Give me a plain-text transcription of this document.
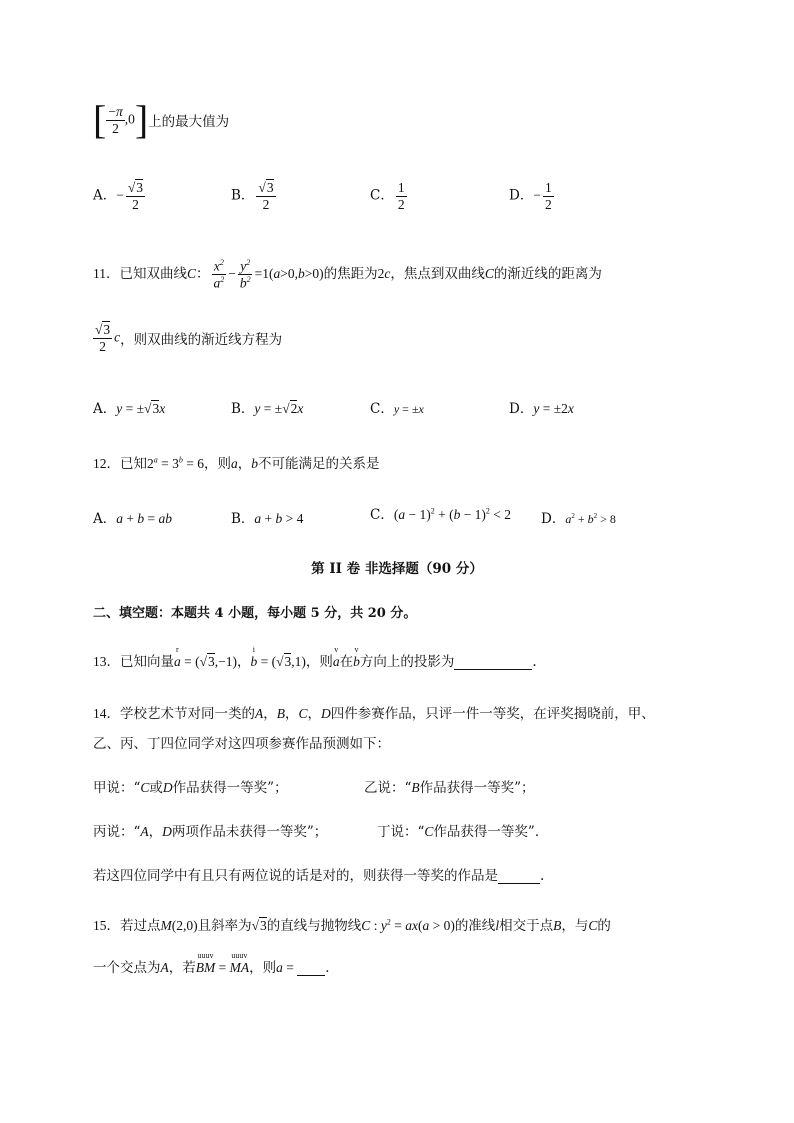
[ $\frac{-\pi}{2} ,0$]上的最大值为
A．− $\frac{√3}{2}$	B． $\frac{√3}{2}$	C． $\frac{1}{2}$	D．− $\frac{1}{2}$
11．已知双曲线C： $\frac{x^2}{a^2} - \frac{y^2}{b^2} =1(a>0,b>0)$的焦距为2c，焦点到双曲线C的渐近线的距离为
$\frac{√3}{2}$ c，则双曲线的渐近线方程为
A．y = ±√3x	B．y = ±√2x	C．y = ±x	D．y = ±2x
12．已知$2^a = 3^b = 6$，则a，b不可能满足的关系是
A．a + b = ab	B．a + b > 4	C．$(a - 1)^2 + (b - 1)^2 < 2$ D．$a^2 + b^2 > 8$
第 II 卷 非选择题（90 分）
二、填空题：本题共 4 小题，每小题 5 分，共 20 分。
13．已知向量a
r
= (√3,−1)，b
i
= (√3,1)，则a
v
在b
v
方向上的投影为	.
14．学校艺术节对同一类的A，B，C，D四件参赛作品，只评一件一等奖，在评奖揭晓前，甲、
乙、丙、丁四位同学对这四项参赛作品预测如下：
甲说：“C或D作品获得一等奖”；	乙说：“B作品获得一等奖”；
丙说：“A，D两项作品未获得一等奖”；	丁说：“C作品获得一等奖”．
若这四位同学中有且只有两位说的话是对的，则获得一等奖的作品是	.
15．若过点M(2,0)且斜率为√3的直线与抛物线C : $y^2 = ax(a > 0)$的准线l相交于点B，与C的
一个交点为A，若BM
uuuv
= MA
uuuv
，则a =  ．
